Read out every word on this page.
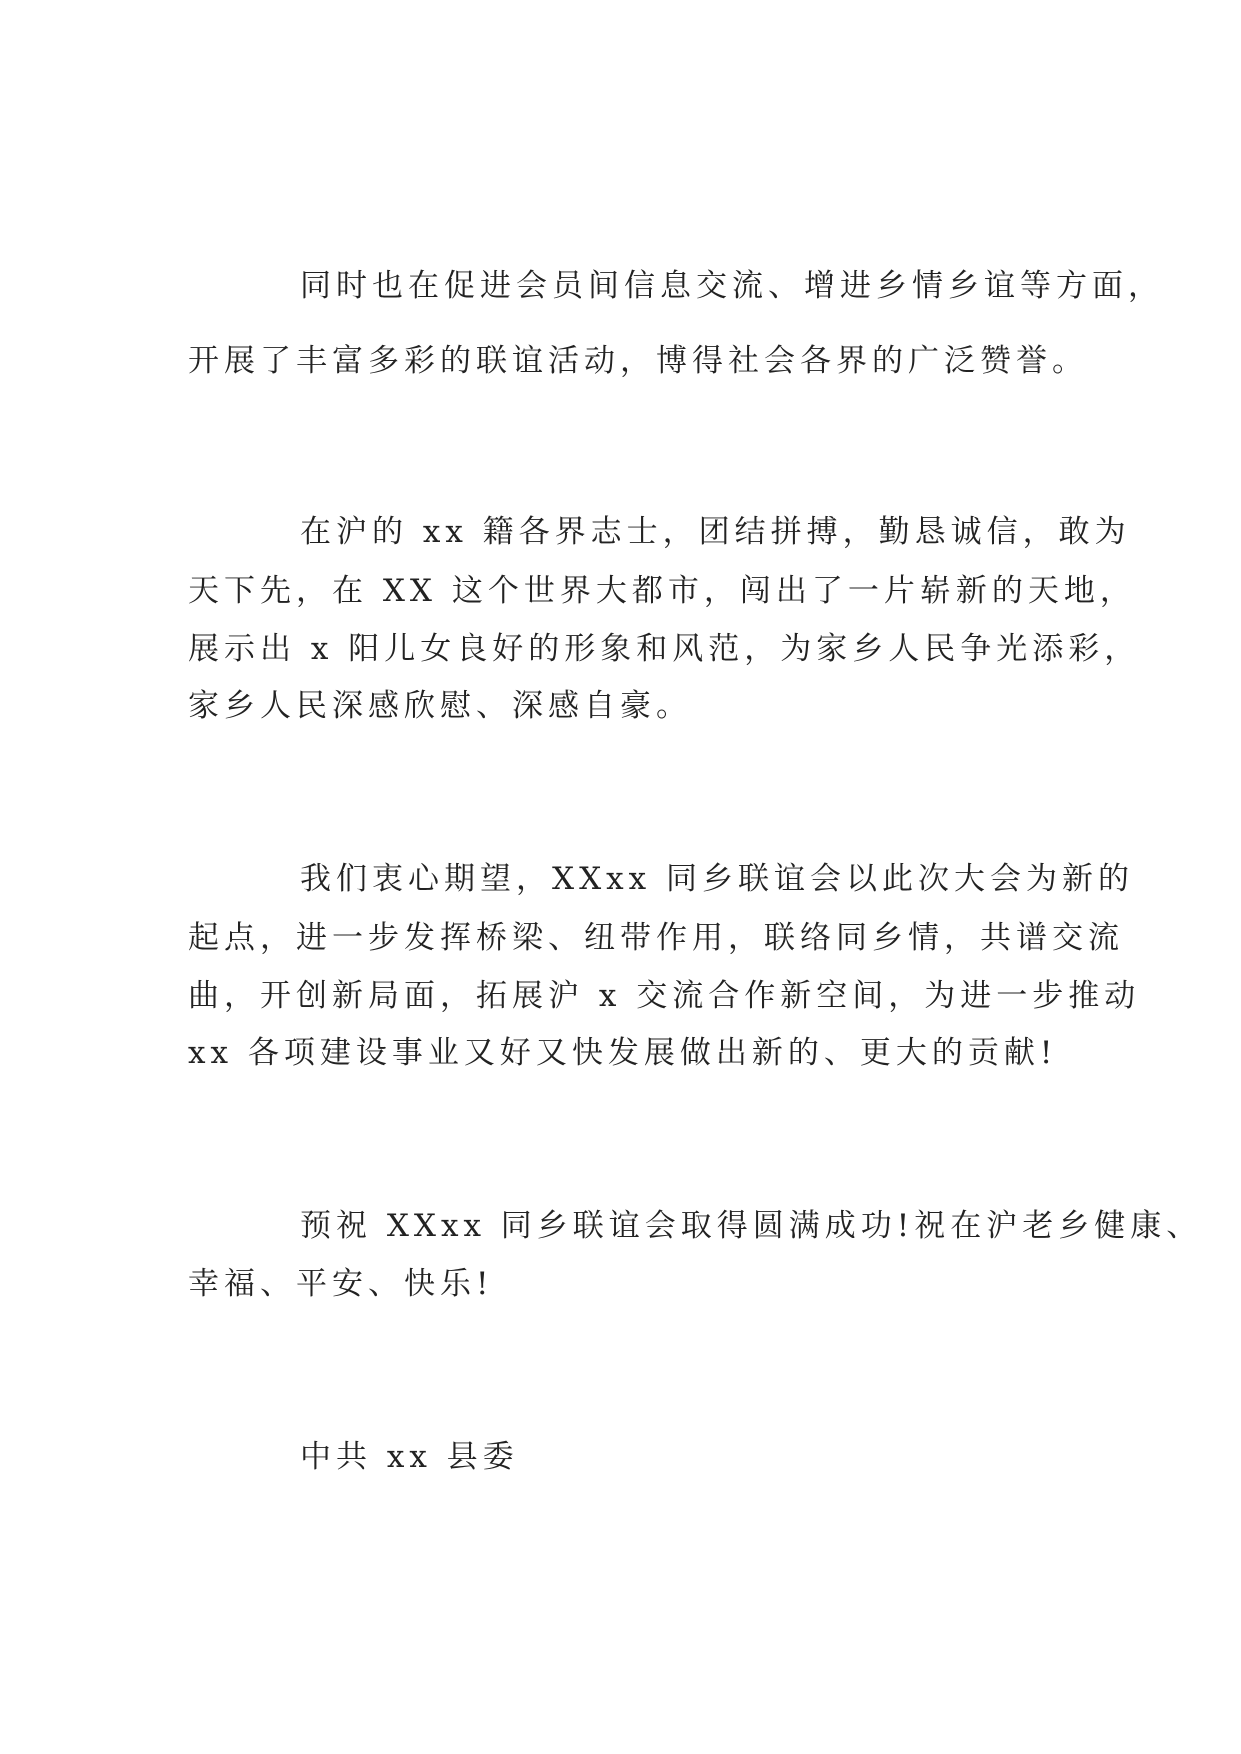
同时也在促进会员间信息交流、增进乡情乡谊等方面，
开展了丰富多彩的联谊活动，博得社会各界的广泛赞誉。
在沪的 xx 籍各界志士，团结拼搏，勤恳诚信，敢为
天下先，在 XX 这个世界大都市，闯出了一片崭新的天地，
展示出 x 阳儿女良好的形象和风范，为家乡人民争光添彩，
家乡人民深感欣慰、深感自豪。
我们衷心期望，XXxx 同乡联谊会以此次大会为新的
起点，进一步发挥桥梁、纽带作用，联络同乡情，共谱交流
曲，开创新局面，拓展沪 x 交流合作新空间，为进一步推动
xx 各项建设事业又好又快发展做出新的、更大的贡献!
预祝 XXxx 同乡联谊会取得圆满成功!祝在沪老乡健康、
幸福、平安、快乐!
中共 xx 县委
